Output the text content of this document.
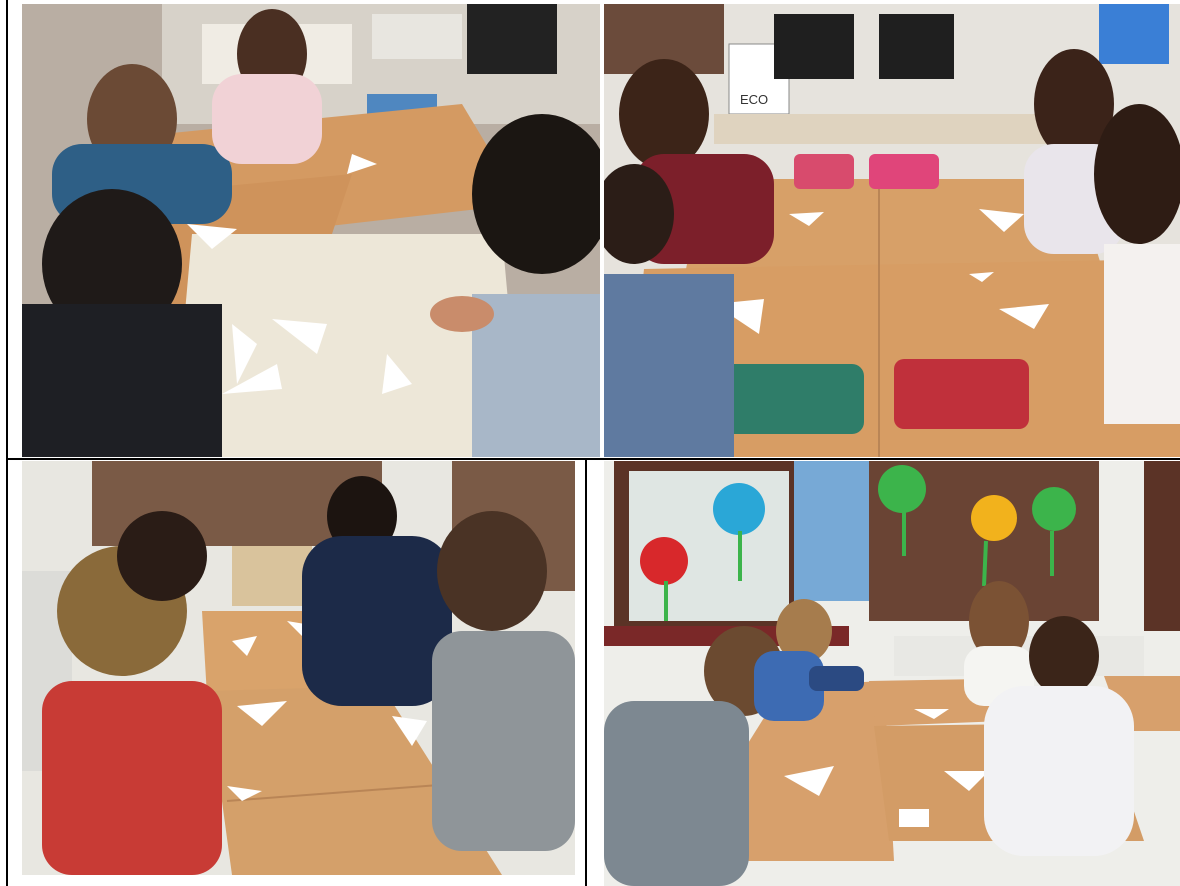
ECO
